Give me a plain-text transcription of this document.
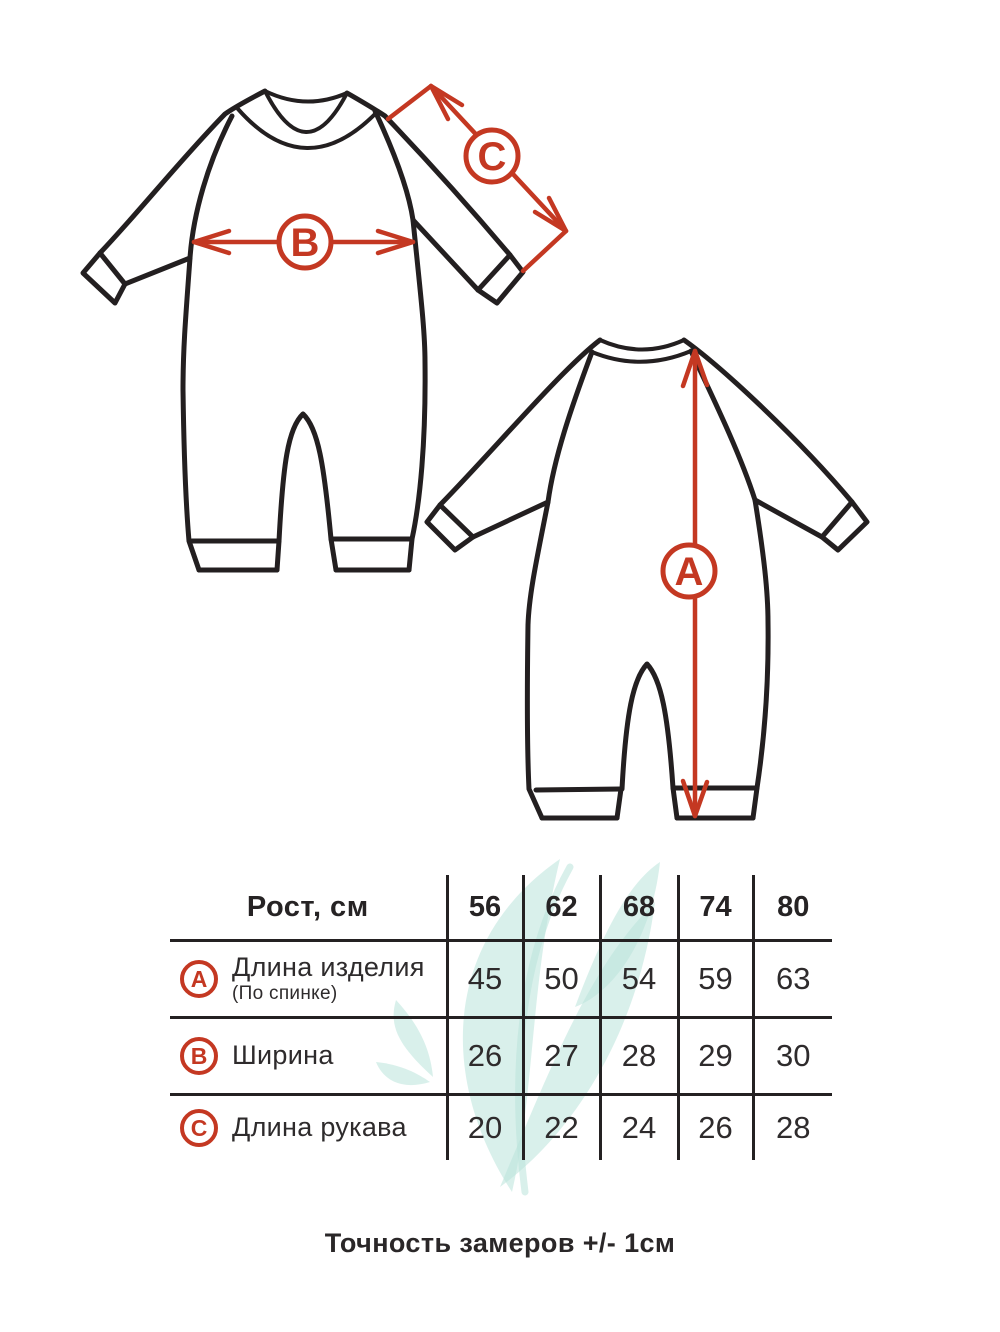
B
C
A
Рост, см	56	62	68	74	80

A Длина изделия
(По спинке)	45	50	54	59	63

B Ширина	26	27	28	29	30

C Длина рукава	20	22	24	26	28
Точность замеров +/- 1см
